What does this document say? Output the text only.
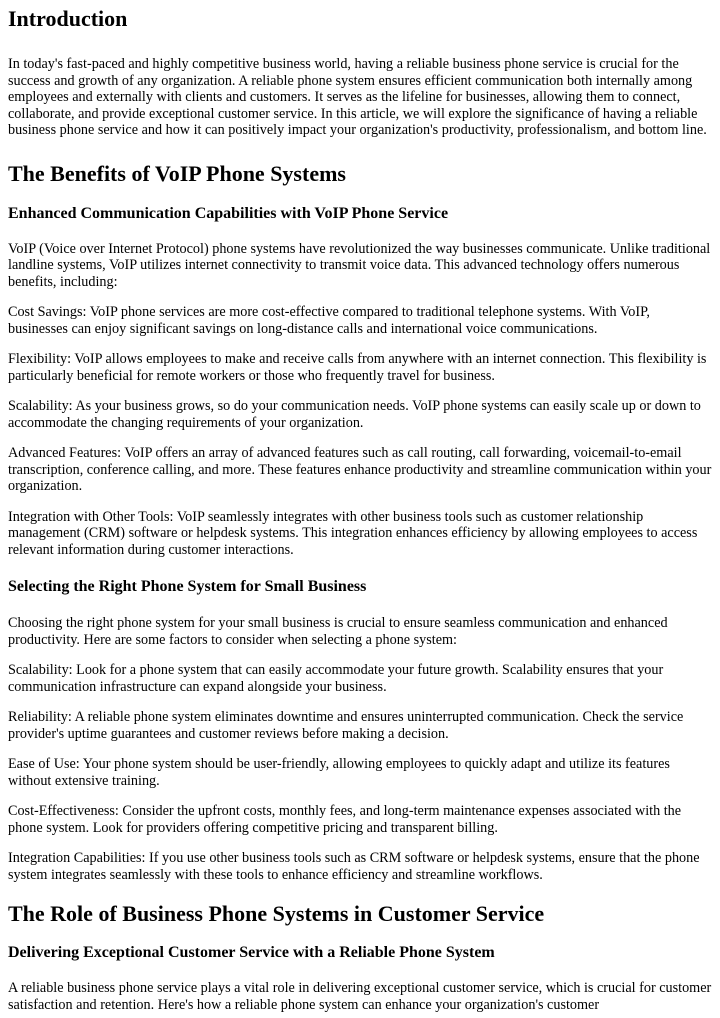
Introduction

In today's fast-paced and highly competitive business world, having a reliable business phone service is crucial for the success and growth of any organization. A reliable phone system ensures efficient communication both internally among employees and externally with clients and customers. It serves as the lifeline for businesses, allowing them to connect, collaborate, and provide exceptional customer service. In this article, we will explore the significance of having a reliable business phone service and how it can positively impact your organization's productivity, professionalism, and bottom line.

The Benefits of VoIP Phone Systems
Enhanced Communication Capabilities with VoIP Phone Service

VoIP (Voice over Internet Protocol) phone systems have revolutionized the way businesses communicate. Unlike traditional landline systems, VoIP utilizes internet connectivity to transmit voice data. This advanced technology offers numerous benefits, including:

Cost Savings: VoIP phone services are more cost-effective compared to traditional telephone systems. With VoIP, businesses can enjoy significant savings on long-distance calls and international voice communications.

Flexibility: VoIP allows employees to make and receive calls from anywhere with an internet connection. This flexibility is particularly beneficial for remote workers or those who frequently travel for business.

Scalability: As your business grows, so do your communication needs. VoIP phone systems can easily scale up or down to accommodate the changing requirements of your organization.

Advanced Features: VoIP offers an array of advanced features such as call routing, call forwarding, voicemail-to-email transcription, conference calling, and more. These features enhance productivity and streamline communication within your organization.

Integration with Other Tools: VoIP seamlessly integrates with other business tools such as customer relationship management (CRM) software or helpdesk systems. This integration enhances efficiency by allowing employees to access relevant information during customer interactions.

Selecting the Right Phone System for Small Business

Choosing the right phone system for your small business is crucial to ensure seamless communication and enhanced productivity. Here are some factors to consider when selecting a phone system:

Scalability: Look for a phone system that can easily accommodate your future growth. Scalability ensures that your communication infrastructure can expand alongside your business.

Reliability: A reliable phone system eliminates downtime and ensures uninterrupted communication. Check the service provider's uptime guarantees and customer reviews before making a decision.

Ease of Use: Your phone system should be user-friendly, allowing employees to quickly adapt and utilize its features without extensive training.

Cost-Effectiveness: Consider the upfront costs, monthly fees, and long-term maintenance expenses associated with the phone system. Look for providers offering competitive pricing and transparent billing.

Integration Capabilities: If you use other business tools such as CRM software or helpdesk systems, ensure that the phone system integrates seamlessly with these tools to enhance efficiency and streamline workflows.

The Role of Business Phone Systems in Customer Service
Delivering Exceptional Customer Service with a Reliable Phone System

A reliable business phone service plays a vital role in delivering exceptional customer service, which is crucial for customer satisfaction and retention. Here's how a reliable phone system can enhance your organization's customer
